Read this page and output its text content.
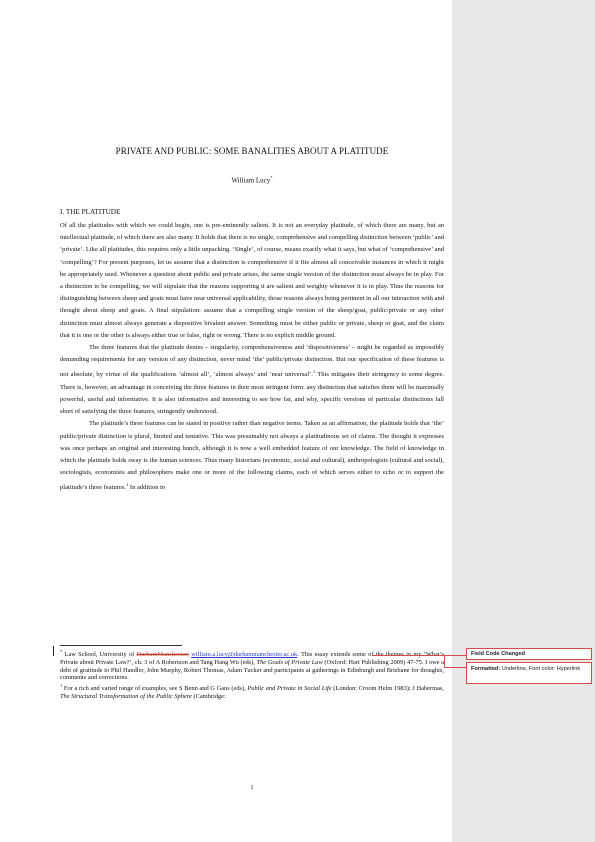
PRIVATE AND PUBLIC: SOME BANALITIES ABOUT A PLATITUDE
William Lucy*
I. THE PLATITUDE

Of all the platitudes with which we could begin, one is pre-eminently salient. It is not an everyday platitude, of which there are many, but an intellectual platitude, of which there are also many. It holds that there is no single, comprehensive and compelling distinction between ‘public’ and ‘private’. Like all platitudes, this requires only a little unpacking. ‘Single’, of course, means exactly what it says, but what of ‘comprehensive’ and ‘compelling’? For present purposes, let us assume that a distinction is comprehensive if it fits almost all conceivable instances in which it might be appropriately used. Whenever a question about public and private arises, the same single version of the distinction must always be in play. For a distinction to be compelling, we will stipulate that the reasons supporting it are salient and weighty whenever it is in play. Thus the reasons for distinguishing between sheep and goats must have near universal applicability, those reasons always being pertinent in all our interaction with and thought about sheep and goats. A final stipulation: assume that a compelling single version of the sheep/goat, public/private or any other distinction must almost always generate a dispositive bivalent answer. Something must be either public or private, sheep or goat, and the claim that it is one or the other is always either true or false, right or wrong. There is no explicit middle ground.

The three features that the platitude denies – singularity, comprehensiveness and ‘dispositiveness’ – might be regarded as impossibly demanding requirements for any version of any distinction, never mind ‘the’ public/private distinction. But our specification of these features is not absolute, by virtue of the qualifications ‘almost all’, ‘almost always’ and ‘near universal’.$^1$ This mitigates their stringency to some degree. There is, however, an advantage in conceiving the three features in their most stringent form: any distinction that satisfies them will be maximally powerful, useful and informative. It is also informative and interesting to see how far, and why, specific versions of particular distinctions fall short of satisfying the three features, stringently understood.

The platitude’s three features can be stated in positive rather than negative terms. Taken as an affirmation, the platitude holds that ‘the’ public/private distinction is plural, limited and tentative. This was presumably not always a platitudinous set of claims. The thought it expresses was once perhaps an original and interesting hunch, although it is now a well embedded feature of our knowledge. The field of knowledge in which the platitude holds sway is the human sciences. Thus many historians (economic, social and cultural), anthropologists (cultural and social), sociologists, economists and philosophers make one or more of the following claims, each of which serves either to echo or to support the platitude’s three features.$^1$ In addition to

* Law School, University of DurhamManchester; william.a.lucy@durhammanchester.ac.uk. This essay extends some of the themes in my ‘What’s Private about Private Law?’, ch. 3 of A Robertson and Tang Hang Wu (eds), The Goals of Private Law (Oxford: Hart Publishing 2009) 47-75. I owe a debt of gratitude to Phil Handler, John Murphy, Robert Thomas, Adam Tucker and participants at gatherings in Edinburgh and Brisbane for thoughts, comments and corrections.

$^1$ For a rich and varied range of examples, see S Benn and G Gaus (eds), Public and Private in Social Life (London: Croom Helm 1983); J Habermas, The Structural Transformation of the Public Sphere (Cambridge:

1
Field Code Changed
Formatted: Underline, Font color: Hyperlink
